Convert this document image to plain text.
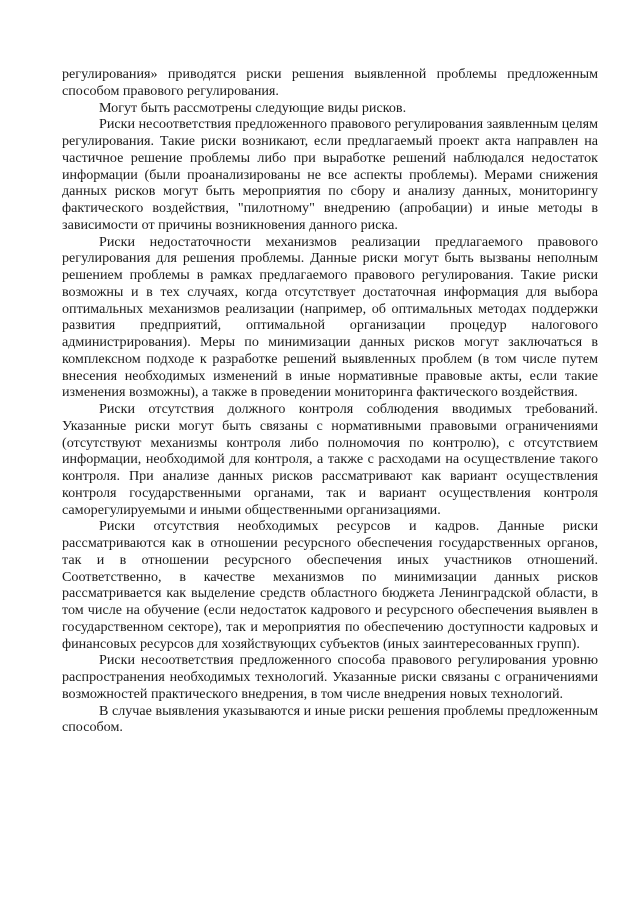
регулирования» приводятся риски решения выявленной проблемы предложенным способом правового регулирования.

Могут быть рассмотрены следующие виды рисков.

Риски несоответствия предложенного правового регулирования заявленным целям регулирования. Такие риски возникают, если предлагаемый проект акта направлен на частичное решение проблемы либо при выработке решений наблюдался недостаток информации (были проанализированы не все аспекты проблемы). Мерами снижения данных рисков могут быть мероприятия по сбору и анализу данных, мониторингу фактического воздействия, "пилотному" внедрению (апробации) и иные методы в зависимости от причины возникновения данного риска.

Риски недостаточности механизмов реализации предлагаемого правового регулирования для решения проблемы. Данные риски могут быть вызваны неполным решением проблемы в рамках предлагаемого правового регулирования. Такие риски возможны и в тех случаях, когда отсутствует достаточная информация для выбора оптимальных механизмов реализации (например, об оптимальных методах поддержки развития предприятий, оптимальной организации процедур налогового администрирования). Меры по минимизации данных рисков могут заключаться в комплексном подходе к разработке решений выявленных проблем (в том числе путем внесения необходимых изменений в иные нормативные правовые акты, если такие изменения возможны), а также в проведении мониторинга фактического воздействия.

Риски отсутствия должного контроля соблюдения вводимых требований. Указанные риски могут быть связаны с нормативными правовыми ограничениями (отсутствуют механизмы контроля либо полномочия по контролю), с отсутствием информации, необходимой для контроля, а также с расходами на осуществление такого контроля. При анализе данных рисков рассматривают как вариант осуществления контроля государственными органами, так и вариант осуществления контроля саморегулируемыми и иными общественными организациями.

Риски отсутствия необходимых ресурсов и кадров. Данные риски рассматриваются как в отношении ресурсного обеспечения государственных органов, так и в отношении ресурсного обеспечения иных участников отношений. Соответственно, в качестве механизмов по минимизации данных рисков рассматривается как выделение средств областного бюджета Ленинградской области, в том числе на обучение (если недостаток кадрового и ресурсного обеспечения выявлен в государственном секторе), так и мероприятия по обеспечению доступности кадровых и финансовых ресурсов для хозяйствующих субъектов (иных заинтересованных групп).

Риски несоответствия предложенного способа правового регулирования уровню распространения необходимых технологий. Указанные риски связаны с ограничениями возможностей практического внедрения, в том числе внедрения новых технологий.

В случае выявления указываются и иные риски решения проблемы предложенным способом.
